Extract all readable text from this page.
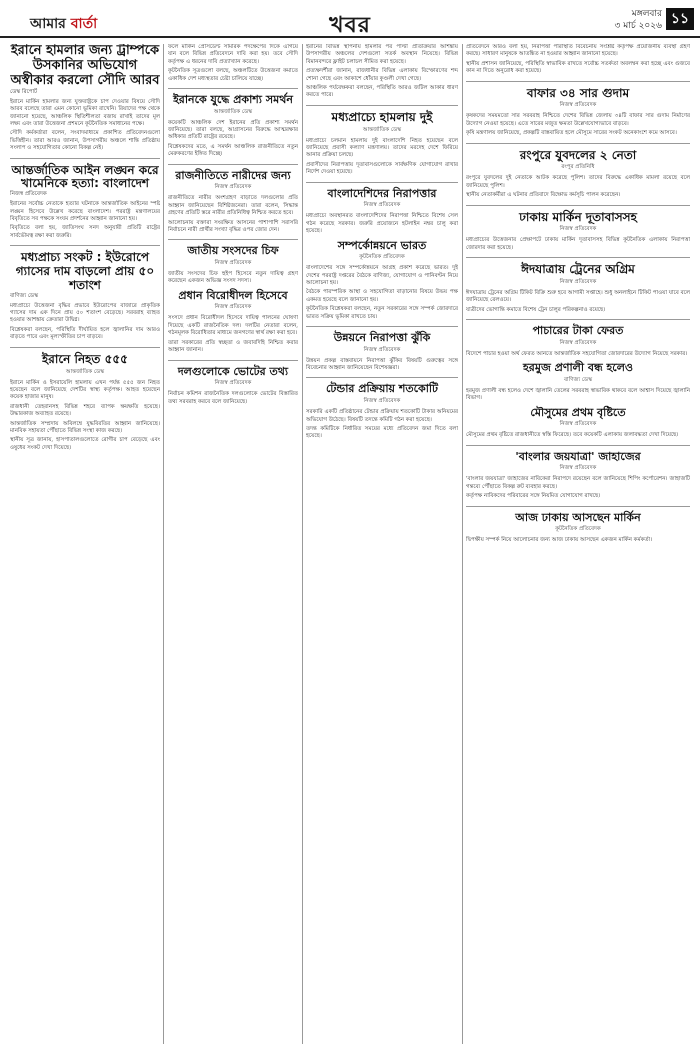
আমার বার্তা	খবর	মঙ্গলবার
৩ মার্চ ২০২৬ ১১
ইরানে হামলার জন্য ট্রাম্পকে উসকানির অভিযোগ অস্বীকার করলো সৌদি আরব
ডেস্ক রিপোর্ট

ইরানে মার্কিন হামলার জন্য যুক্তরাষ্ট্রকে চাপ দেওয়ার বিষয়ে সৌদি আরব বলেছে তারা এমন কোনো ভূমিকা রাখেনি। রিয়াদের পক্ষ থেকে জানানো হয়েছে, আঞ্চলিক স্থিতিশীলতা বজায় রাখাই তাদের মূল লক্ষ্য এবং তারা উত্তেজনা প্রশমনে কূটনৈতিক সমাধানের পক্ষে।

সৌদি কর্মকর্তারা বলেন, সংবাদমাধ্যমে প্রকাশিত প্রতিবেদনগুলো ভিত্তিহীন। তারা আরও জানান, উপসাগরীয় অঞ্চলে শান্তি প্রতিষ্ঠায় সংলাপ ও সহযোগিতার কোনো বিকল্প নেই।

আন্তর্জাতিক আইন লঙ্ঘন করে খামেনিকে হত্যা: বাংলাদেশ
নিজস্ব প্রতিবেদক

ইরানের সর্বোচ্চ নেতাকে হত্যার ঘটনাকে আন্তর্জাতিক আইনের স্পষ্ট লঙ্ঘন হিসেবে উল্লেখ করেছে বাংলাদেশ। পররাষ্ট্র মন্ত্রণালয়ের বিবৃতিতে সব পক্ষকে সংযম প্রদর্শনের আহ্বান জানানো হয়।

বিবৃতিতে বলা হয়, জাতিসংঘ সনদ অনুযায়ী প্রতিটি রাষ্ট্রের সার্বভৌমত্ব রক্ষা করা জরুরি।

মধ্যপ্রাচ্য সংকট : ইউরোপে গ্যাসের দাম বাড়লো প্রায় ৫০ শতাংশ
বাণিজ্য ডেস্ক

মধ্যপ্রাচ্যে উত্তেজনা বৃদ্ধির প্রভাবে ইউরোপের বাজারে প্রাকৃতিক গ্যাসের দাম এক দিনে প্রায় ৫০ শতাংশ বেড়েছে। সরবরাহ ব্যাহত হওয়ার আশঙ্কায় ক্রেতারা উদ্বিগ্ন।

বিশ্লেষকরা বলছেন, পরিস্থিতি দীর্ঘায়িত হলে জ্বালানির দাম আরও বাড়তে পারে এবং মূল্যস্ফীতির চাপ বাড়বে।

ইরানে নিহত ৫৫৫
আন্তর্জাতিক ডেস্ক

ইরানে মার্কিন ও ইসরায়েলি হামলায় এখন পর্যন্ত ৫৫৫ জন নিহত হয়েছেন বলে জানিয়েছে দেশটির স্বাস্থ্য কর্তৃপক্ষ। আহত হয়েছেন কয়েক হাজার মানুষ।

রাজধানী তেহরানসহ বিভিন্ন শহরে ব্যাপক ক্ষয়ক্ষতি হয়েছে। উদ্ধারকাজ অব্যাহত রয়েছে।

আন্তর্জাতিক সম্প্রদায় অবিলম্বে যুদ্ধবিরতির আহ্বান জানিয়েছে। মানবিক সহায়তা পৌঁছাতে বিভিন্ন সংস্থা কাজ করছে।

স্থানীয় সূত্র জানায়, হাসপাতালগুলোতে রোগীর চাপ বেড়েছে এবং ওষুধের সংকট দেখা দিয়েছে।

ফলে মার্কিন প্রেসিডেন্ট সামরিক পদক্ষেপের দিকে এগিয়ে যান বলে বিভিন্ন প্রতিবেদনে দাবি করা হয়। তবে সৌদি কর্তৃপক্ষ এ ধরনের দাবি প্রত্যাখ্যান করেছে।

কূটনৈতিক সূত্রগুলো বলছে, অঞ্চলটিতে উত্তেজনা কমাতে একাধিক দেশ মধ্যস্থতার চেষ্টা চালিয়ে যাচ্ছে।

ইরানকে যুদ্ধে প্রকাশ্য সমর্থন
আন্তর্জাতিক ডেস্ক

কয়েকটি আঞ্চলিক দেশ ইরানের প্রতি প্রকাশ্য সমর্থন জানিয়েছে। তারা বলছে, আগ্রাসনের বিরুদ্ধে আত্মরক্ষার অধিকার প্রতিটি রাষ্ট্রের রয়েছে।

বিশ্লেষকদের মতে, এ সমর্থন আঞ্চলিক রাজনীতিতে নতুন মেরুকরণের ইঙ্গিত দিচ্ছে।

রাজনীতিতে নারীদের জন্য
নিজস্ব প্রতিবেদক

রাজনীতিতে নারীর অংশগ্রহণ বাড়াতে দলগুলোর প্রতি আহ্বান জানিয়েছেন বিশিষ্টজনেরা। তারা বলেন, সিদ্ধান্ত গ্রহণের প্রতিটি স্তরে নারীর প্রতিনিধিত্ব নিশ্চিত করতে হবে।

আলোচনায় বক্তারা সংরক্ষিত আসনের পাশাপাশি সরাসরি নির্বাচনে নারী প্রার্থীর সংখ্যা বৃদ্ধির ওপর জোর দেন।

জাতীয় সংসদের চিফ
নিজস্ব প্রতিবেদক

জাতীয় সংসদের চিফ হুইপ হিসেবে নতুন দায়িত্ব গ্রহণ করেছেন একজন অভিজ্ঞ সংসদ সদস্য।

প্রধান বিরোধীদল হিসেবে
নিজস্ব প্রতিবেদক

সংসদে প্রধান বিরোধীদল হিসেবে দায়িত্ব পালনের ঘোষণা দিয়েছে একটি রাজনৈতিক দল। দলটির নেতারা বলেন, গঠনমূলক বিরোধিতার মাধ্যমে জনগণের স্বার্থ রক্ষা করা হবে।

তারা সরকারের প্রতি স্বচ্ছতা ও জবাবদিহি নিশ্চিত করার আহ্বান জানান।

দলগুলোকে ভোটের তথ্য
নিজস্ব প্রতিবেদক

নির্বাচন কমিশন রাজনৈতিক দলগুলোকে ভোটের বিস্তারিত তথ্য সরবরাহ করবে বলে জানিয়েছে।

ইরানের বিভিন্ন স্থাপনায় হামলার পর পাল্টা প্রতিক্রিয়ার আশঙ্কায় উপসাগরীয় অঞ্চলের দেশগুলো সতর্ক অবস্থান নিয়েছে। বিভিন্ন বিমানবন্দরে ফ্লাইট চলাচল সীমিত করা হয়েছে।

প্রত্যক্ষদর্শীরা জানান, রাজধানীর বিভিন্ন এলাকায় বিস্ফোরণের শব্দ শোনা গেছে এবং আকাশে ধোঁয়ার কুণ্ডলী দেখা গেছে।

আঞ্চলিক পর্যবেক্ষকরা বলছেন, পরিস্থিতি আরও জটিল আকার ধারণ করতে পারে।

মধ্যপ্রাচ্যে হামলায় দুই
আন্তর্জাতিক ডেস্ক

মধ্যপ্রাচ্যে চলমান হামলায় দুই বাংলাদেশি নিহত হয়েছেন বলে জানিয়েছে প্রবাসী কল্যাণ মন্ত্রণালয়। তাদের মরদেহ দেশে ফিরিয়ে আনার প্রক্রিয়া চলছে।

প্রবাসীদের নিরাপত্তায় দূতাবাসগুলোকে সার্বক্ষণিক যোগাযোগ রাখার নির্দেশ দেওয়া হয়েছে।

বাংলাদেশিদের নিরাপত্তার
নিজস্ব প্রতিবেদক

মধ্যপ্রাচ্যে অবস্থানরত বাংলাদেশিদের নিরাপত্তা নিশ্চিতে বিশেষ সেল গঠন করেছে সরকার। জরুরি প্রয়োজনে হটলাইন নম্বর চালু করা হয়েছে।

সম্পর্কোন্নয়নে ভারত
কূটনৈতিক প্রতিবেদক

বাংলাদেশের সঙ্গে সম্পর্কোন্নয়নে আগ্রহ প্রকাশ করেছে ভারত। দুই দেশের পররাষ্ট্র দপ্তরের বৈঠকে বাণিজ্য, যোগাযোগ ও পানিবণ্টন নিয়ে আলোচনা হয়।

বৈঠকে পারস্পরিক আস্থা ও সহযোগিতা বাড়ানোর বিষয়ে উভয় পক্ষ একমত হয়েছে বলে জানানো হয়।

কূটনৈতিক বিশ্লেষকরা বলছেন, নতুন সরকারের সঙ্গে সম্পর্ক জোরদারে ভারত সক্রিয় ভূমিকা রাখতে চায়।

উন্নয়নে নিরাপত্তা ঝুঁকি
নিজস্ব প্রতিবেদক

উন্নয়ন প্রকল্প বাস্তবায়নে নিরাপত্তা ঝুঁকির বিষয়টি গুরুত্বের সঙ্গে বিবেচনার আহ্বান জানিয়েছেন বিশেষজ্ঞরা।

টেন্ডার প্রক্রিয়ায় শতকোটি
নিজস্ব প্রতিবেদক

সরকারি একটি প্রতিষ্ঠানের টেন্ডার প্রক্রিয়ায় শতকোটি টাকার অনিয়মের অভিযোগ উঠেছে। বিষয়টি তদন্তে কমিটি গঠন করা হয়েছে।

তদন্ত কমিটিকে নির্ধারিত সময়ের মধ্যে প্রতিবেদন জমা দিতে বলা হয়েছে।

প্রতিবেদনে আরও বলা হয়, নিরাপত্তা পরিস্থিতি বিবেচনায় সংশ্লিষ্ট কর্তৃপক্ষ প্রয়োজনীয় ব্যবস্থা গ্রহণ করছে। সাধারণ মানুষকে আতঙ্কিত না হওয়ার আহ্বান জানানো হয়েছে।

স্থানীয় প্রশাসন জানিয়েছে, পরিস্থিতি স্বাভাবিক রাখতে সর্বোচ্চ সতর্কতা অবলম্বন করা হচ্ছে এবং গুজবে কান না দিতে অনুরোধ করা হয়েছে।

বাফার ৩৪ সার গুদাম
নিজস্ব প্রতিবেদক

কৃষকদের সময়মতো সার সরবরাহ নিশ্চিতে দেশের বিভিন্ন জেলায় ৩৪টি বাফার সার গুদাম নির্মাণের উদ্যোগ নেওয়া হয়েছে। এতে সারের মজুত ক্ষমতা উল্লেখযোগ্যভাবে বাড়বে।

কৃষি মন্ত্রণালয় জানিয়েছে, প্রকল্পটি বাস্তবায়িত হলে মৌসুমে সারের সংকট অনেকাংশে কমে আসবে।

রংপুরে যুবদলের ২ নেতা
রংপুর প্রতিনিধি

রংপুরে যুবদলের দুই নেতাকে আটক করেছে পুলিশ। তাদের বিরুদ্ধে একাধিক মামলা রয়েছে বলে জানিয়েছে পুলিশ।

স্থানীয় নেতাকর্মীরা এ ঘটনার প্রতিবাদে বিক্ষোভ কর্মসূচি পালন করেছেন।

ঢাকায় মার্কিন দূতাবাসসহ
নিজস্ব প্রতিবেদক

মধ্যপ্রাচ্যের উত্তেজনার প্রেক্ষাপটে ঢাকায় মার্কিন দূতাবাসসহ বিভিন্ন কূটনৈতিক এলাকায় নিরাপত্তা জোরদার করা হয়েছে।

ঈদযাত্রায় ট্রেনের অগ্রিম
নিজস্ব প্রতিবেদক

ঈদযাত্রায় ট্রেনের অগ্রিম টিকিট বিক্রি শুরু হবে আগামী সপ্তাহে। শুধু অনলাইনে টিকিট পাওয়া যাবে বলে জানিয়েছে রেলওয়ে।

যাত্রীদের ভোগান্তি কমাতে বিশেষ ট্রেন চালুর পরিকল্পনাও রয়েছে।

পাচারের টাকা ফেরত
নিজস্ব প্রতিবেদক

বিদেশে পাচার হওয়া অর্থ ফেরত আনতে আন্তর্জাতিক সহযোগিতা জোরদারের উদ্যোগ নিয়েছে সরকার।

হরমুজ প্রণালী বন্ধ হলেও
বাণিজ্য ডেস্ক

হরমুজ প্রণালী বন্ধ হলেও দেশে জ্বালানি তেলের সরবরাহ স্বাভাবিক থাকবে বলে আশ্বাস দিয়েছে জ্বালানি বিভাগ।

মৌসুমের প্রথম বৃষ্টিতে
নিজস্ব প্রতিবেদক

মৌসুমের প্রথম বৃষ্টিতে রাজধানীতে স্বস্তি ফিরেছে। তবে কয়েকটি এলাকায় জলাবদ্ধতা দেখা দিয়েছে।

'বাংলার জয়যাত্রা' জাহাজের
নিজস্ব প্রতিবেদক

'বাংলার জয়যাত্রা' জাহাজের নাবিকেরা নিরাপদে রয়েছেন বলে জানিয়েছে শিপিং কর্পোরেশন। জাহাজটি গন্তব্যে পৌঁছাতে বিকল্প রুট ব্যবহার করছে।

কর্তৃপক্ষ নাবিকদের পরিবারের সঙ্গে নিয়মিত যোগাযোগ রাখছে।

আজ ঢাকায় আসছেন মার্কিন
কূটনৈতিক প্রতিবেদক

দ্বিপক্ষীয় সম্পর্ক নিয়ে আলোচনার জন্য আজ ঢাকায় আসছেন একজন মার্কিন কর্মকর্তা।
